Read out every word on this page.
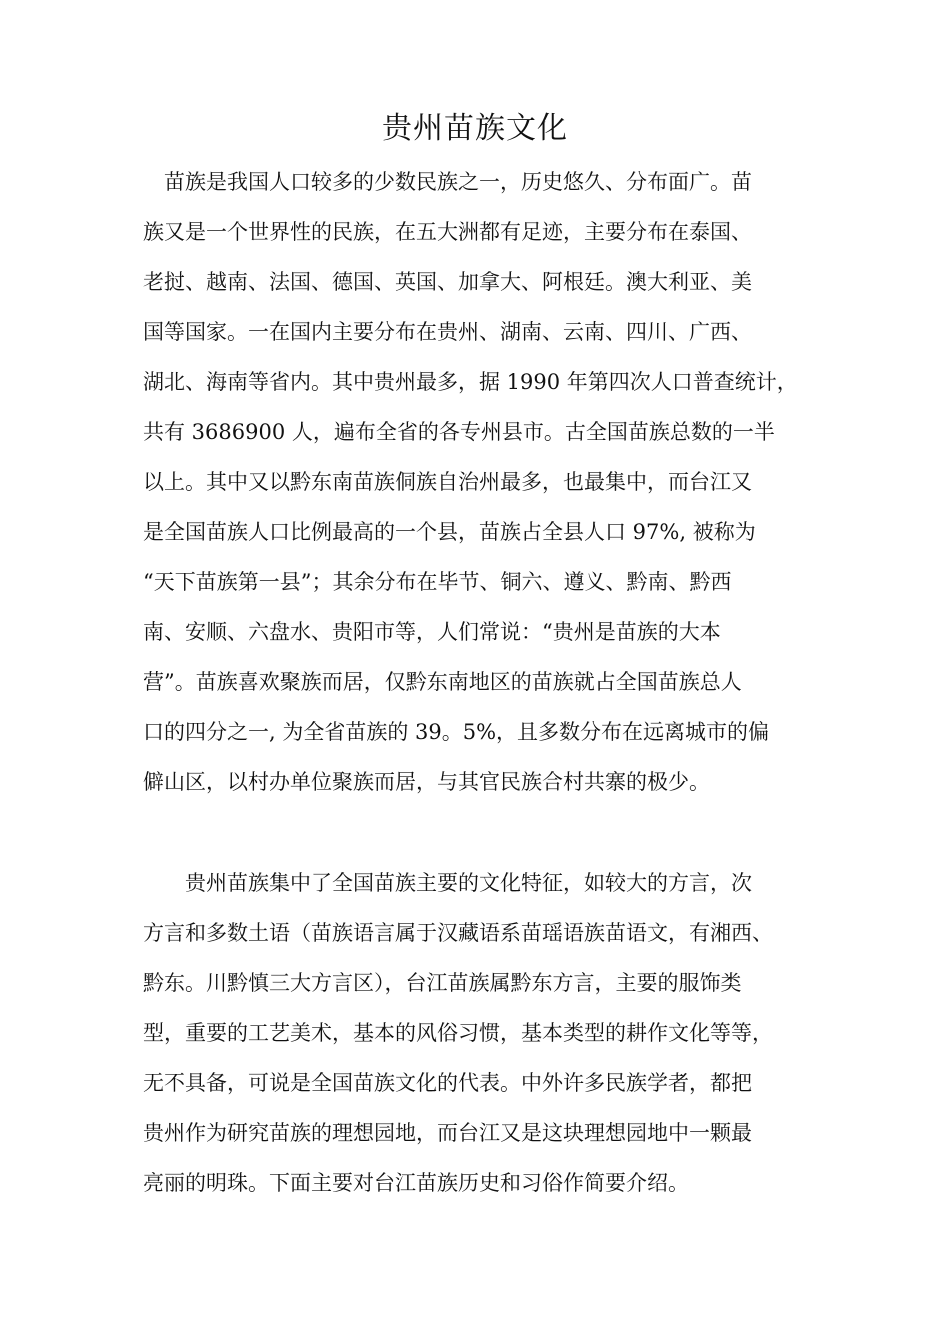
贵州苗族文化
　苗族是我国人口较多的少数民族之一，历史悠久、分布面广。苗
族又是一个世界性的民族，在五大洲都有足迹，主要分布在泰国、
老挝、越南、法国、德国、英国、加拿大、阿根廷。澳大利亚、美
国等国家。一在国内主要分布在贵州、湖南、云南、四川、广西、
湖北、海南等省内。其中贵州最多，据 1990 年第四次人口普查统计，
共有 3686900 人，遍布全省的各专州县市。古全国苗族总数的一半
以上。其中又以黔东南苗族侗族自治州最多，也最集中，而台江又
是全国苗族人口比例最高的一个县，苗族占全县人口 97%, 被称为
“天下苗族第一县”；其余分布在毕节、铜六、遵义、黔南、黔西
南、安顺、六盘水、贵阳市等，人们常说：“贵州是苗族的大本
营”。苗族喜欢聚族而居，仅黔东南地区的苗族就占全国苗族总人
口的四分之一, 为全省苗族的 39。5%，且多数分布在远离城市的偏
僻山区，以村办单位聚族而居，与其官民族合村共寨的极少。
　　贵州苗族集中了全国苗族主要的文化特征，如较大的方言，次
方言和多数土语（苗族语言属于汉藏语系苗瑶语族苗语文，有湘西、
黔东。川黔慎三大方言区），台江苗族属黔东方言，主要的服饰类
型，重要的工艺美术，基本的风俗习惯，基本类型的耕作文化等等，
无不具备，可说是全国苗族文化的代表。中外许多民族学者，都把
贵州作为研究苗族的理想园地，而台江又是这块理想园地中一颗最
亮丽的明珠。下面主要对台江苗族历史和习俗作简要介绍。
